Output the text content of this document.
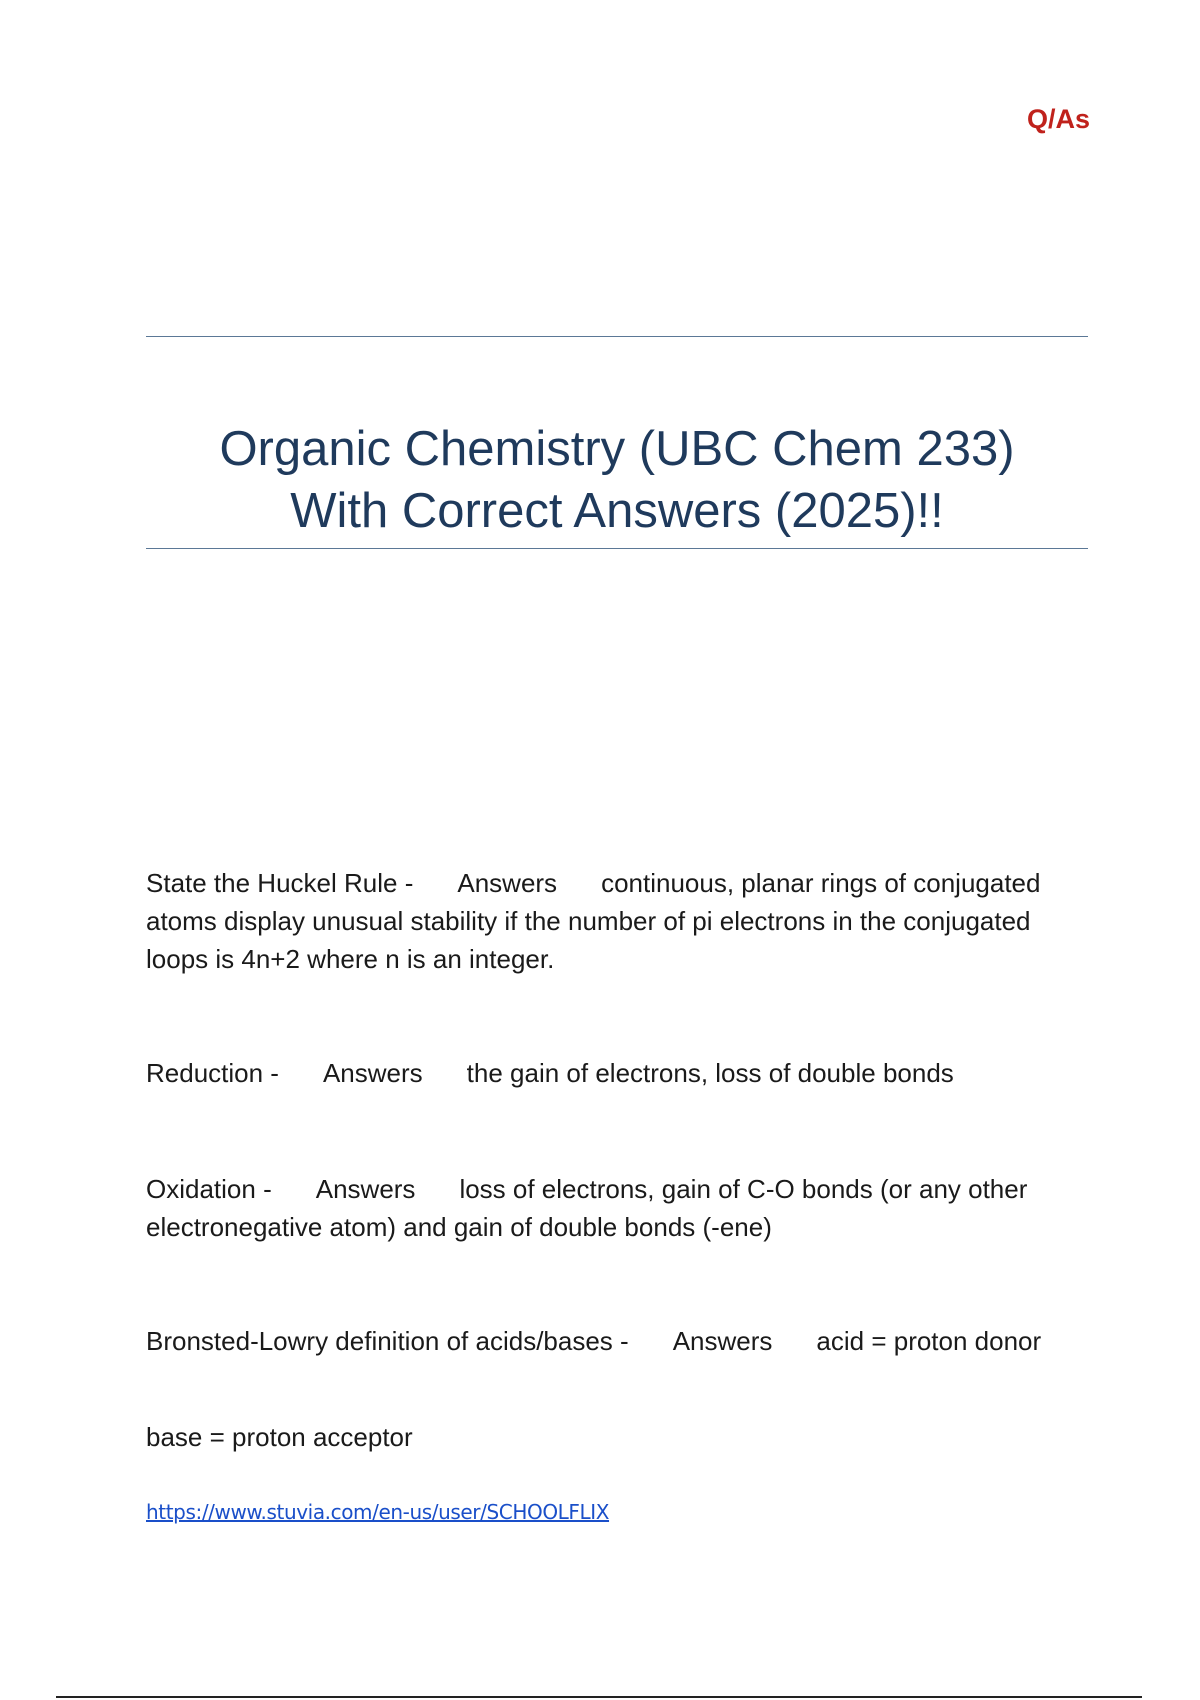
Q/As
Organic Chemistry (UBC Chem 233)
With Correct Answers (2025)!!
State the Huckel Rule - Answers continuous, planar rings of conjugated atoms display unusual stability if the number of pi electrons in the conjugated loops is 4n+2 where n is an integer.
Reduction - Answers the gain of electrons, loss of double bonds
Oxidation - Answers loss of electrons, gain of C-O bonds (or any other electronegative atom) and gain of double bonds (-ene)
Bronsted-Lowry definition of acids/bases - Answers acid = proton donor
base = proton acceptor
https://www.stuvia.com/en-us/user/SCHOOLFLIX
